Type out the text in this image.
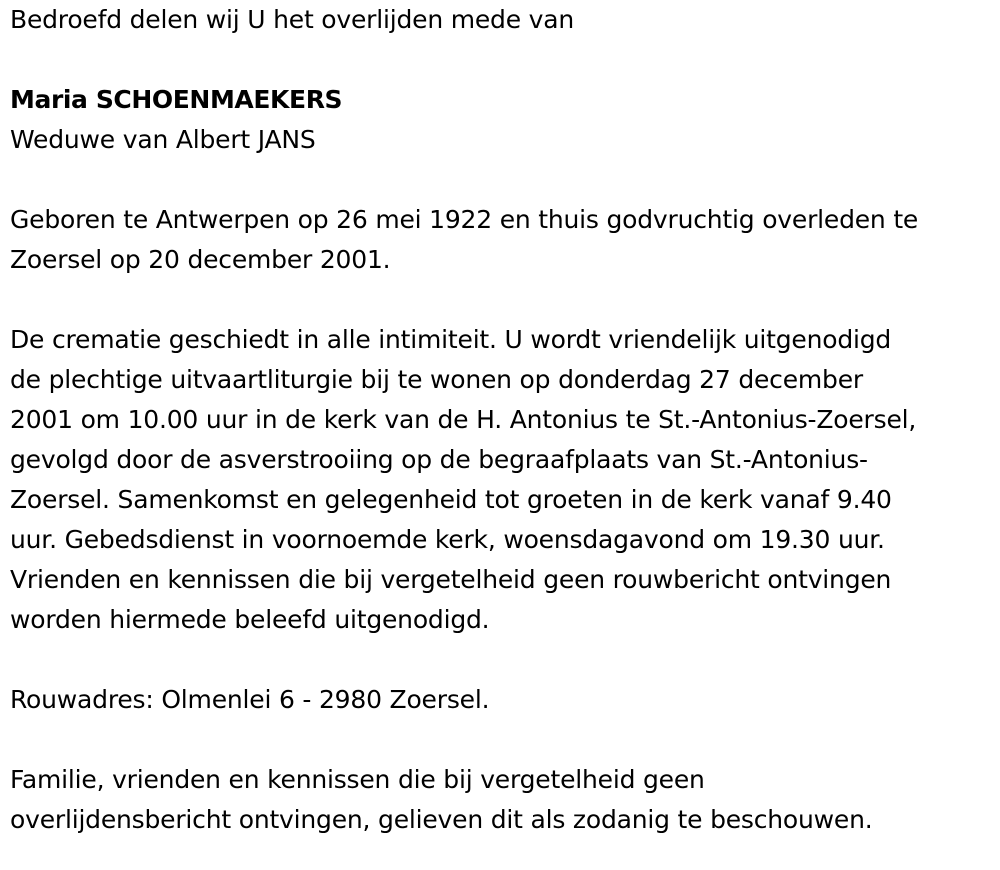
Bedroefd delen wij U het overlijden mede van
Maria SCHOENMAEKERS
Weduwe van Albert JANS
Geboren te Antwerpen op 26 mei 1922 en thuis godvruchtig overleden te
Zoersel op 20 december 2001.
De crematie geschiedt in alle intimiteit. U wordt vriendelijk uitgenodigd
de plechtige uitvaartliturgie bij te wonen op donderdag 27 december
2001 om 10.00 uur in de kerk van de H. Antonius te St.-Antonius-Zoersel,
gevolgd door de asverstrooiing op de begraafplaats van St.-Antonius-
Zoersel. Samenkomst en gelegenheid tot groeten in de kerk vanaf 9.40
uur. Gebedsdienst in voornoemde kerk, woensdagavond om 19.30 uur.
Vrienden en kennissen die bij vergetelheid geen rouwbericht ontvingen
worden hiermede beleefd uitgenodigd.
Rouwadres: Olmenlei 6 - 2980 Zoersel.
Familie, vrienden en kennissen die bij vergetelheid geen
overlijdensbericht ontvingen, gelieven dit als zodanig te beschouwen.
